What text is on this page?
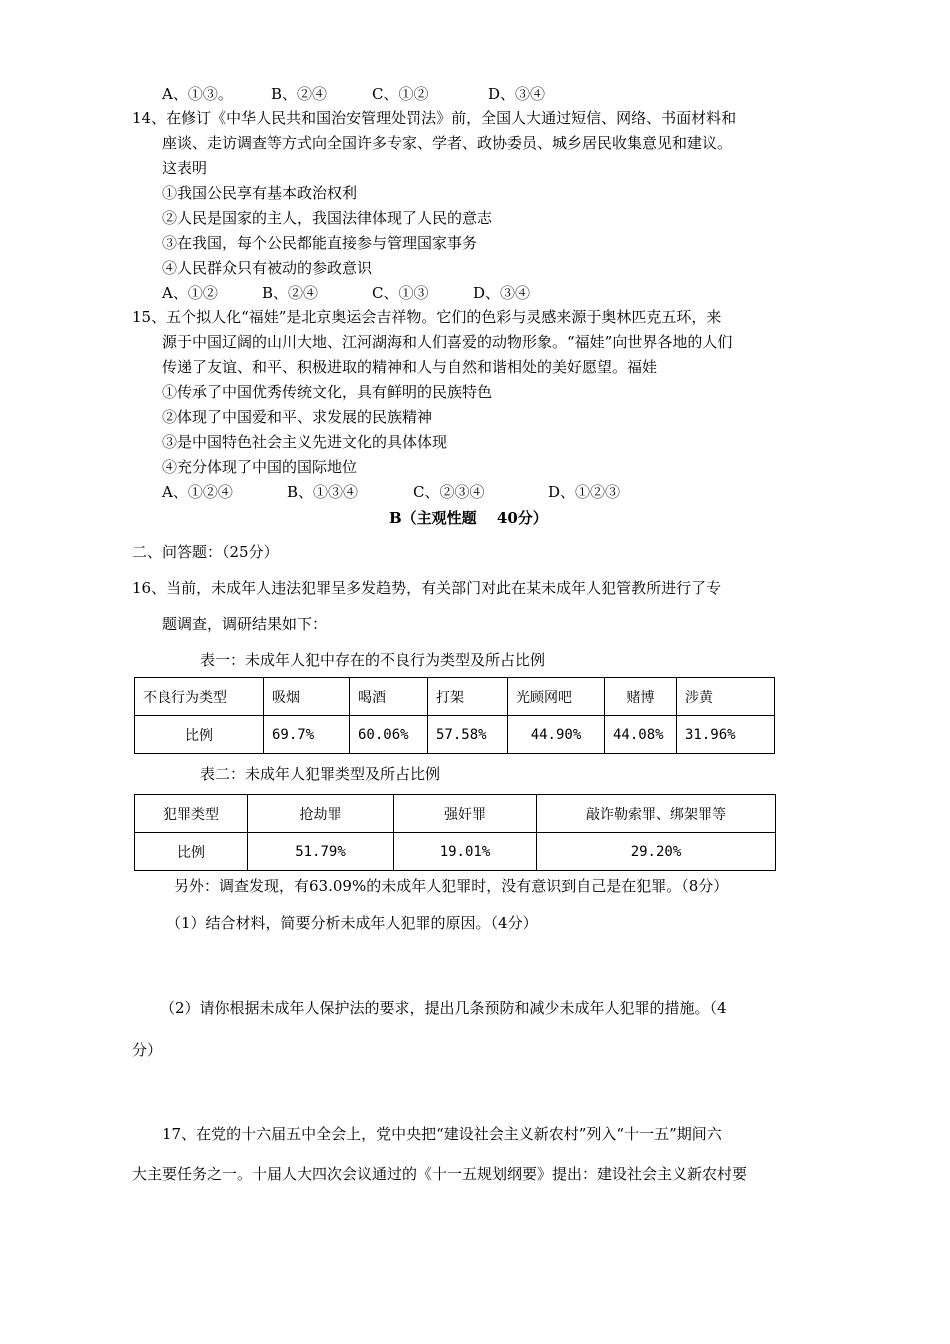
A、①③。	B、②④	C、①②	D、③④
14、在修订《中华人民共和国治安管理处罚法》前，全国人大通过短信、网络、书面材料和
座谈、走访调查等方式向全国许多专家、学者、政协委员、城乡居民收集意见和建议。
这表明
①我国公民享有基本政治权利
②人民是国家的主人，我国法律体现了人民的意志
③在我国，每个公民都能直接参与管理国家事务
④人民群众只有被动的参政意识
A、①②	B、②④	C、①③	D、③④
15、五个拟人化“福娃”是北京奥运会吉祥物。它们的色彩与灵感来源于奥林匹克五环，来
源于中国辽阔的山川大地、江河湖海和人们喜爱的动物形象。“福娃”向世界各地的人们
传递了友谊、和平、积极进取的精神和人与自然和谐相处的美好愿望。福娃
①传承了中国优秀传统文化，具有鲜明的民族特色
②体现了中国爱和平、求发展的民族精神
③是中国特色社会主义先进文化的具体体现
④充分体现了中国的国际地位
A、①②④	B、①③④	C、②③④	D、①②③
B（主观性题　 40分）
二、问答题：（25分）
16、当前，未成年人违法犯罪呈多发趋势，有关部门对此在某未成年人犯管教所进行了专
题调查，调研结果如下：
表一：未成年人犯中存在的不良行为类型及所占比例
不良行为类型	吸烟	喝酒	打架	光顾网吧	赌博	涉黄
比例	69.7%	60.06%	57.58%	44.90%	44.08%	31.96%
表二：未成年人犯罪类型及所占比例
犯罪类型	抢劫罪	强奸罪	敲诈勒索罪、绑架罪等
比例	51.79%	19.01%	29.20%
另外：调查发现，有63.09%的未成年人犯罪时，没有意识到自己是在犯罪。（8分）
（1）结合材料，简要分析未成年人犯罪的原因。（4分）
（2）请你根据未成年人保护法的要求，提出几条预防和减少未成年人犯罪的措施。（4
分）
17、在党的十六届五中全会上，党中央把“建设社会主义新农村”列入“十一五”期间六
大主要任务之一。十届人大四次会议通过的《十一五规划纲要》提出：建设社会主义新农村要
